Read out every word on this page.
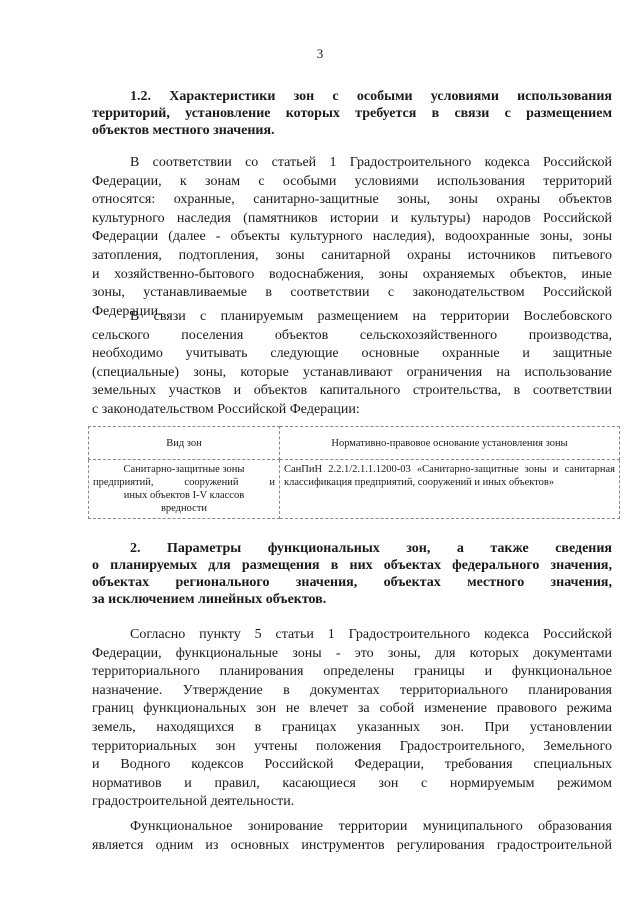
3
1.2. Характеристики зон с особыми условиями использования
территорий, установление которых требуется в связи с размещением
объектов местного значения.
В соответствии со статьей 1 Градостроительного кодекса Российской
Федерации, к зонам с особыми условиями использования территорий
относятся: охранные, санитарно-защитные зоны, зоны охраны объектов
культурного наследия (памятников истории и культуры) народов Российской
Федерации (далее - объекты культурного наследия), водоохранные зоны, зоны
затопления, подтопления, зоны санитарной охраны источников питьевого
и хозяйственно-бытового водоснабжения, зоны охраняемых объектов, иные
зоны, устанавливаемые в соответствии с законодательством Российской
Федерации.
В связи с планируемым размещением на территории Вослебовского
сельского поселения объектов сельскохозяйственного производства,
необходимо учитывать следующие основные охранные и защитные
(специальные) зоны, которые устанавливают ограничения на использование
земельных участков и объектов капитального строительства, в соответствии
с законодательством Российской Федерации:
Вид зон	Нормативно-правовое основание установления зоны

Санитарно-защитные зоны
предприятий, сооружений и
иных объектов I-V классов
вредности	СанПиН 2.2.1/2.1.1.1200-03 «Санитарно-защитные зоны и санитарная классификация предприятий, сооружений и иных объектов»
2. Параметры функциональных зон, а также сведения
о планируемых для размещения в них объектах федерального значения,
объектах регионального значения, объектах местного значения,
за исключением линейных объектов.
Согласно пункту 5 статьи 1 Градостроительного кодекса Российской
Федерации, функциональные зоны - это зоны, для которых документами
территориального планирования определены границы и функциональное
назначение. Утверждение в документах территориального планирования
границ функциональных зон не влечет за собой изменение правового режима
земель, находящихся в границах указанных зон. При установлении
территориальных зон учтены положения Градостроительного, Земельного
и Водного кодексов Российской Федерации, требования специальных
нормативов и правил, касающиеся зон с нормируемым режимом
градостроительной деятельности.
Функциональное зонирование территории муниципального образования
является одним из основных инструментов регулирования градостроительной
